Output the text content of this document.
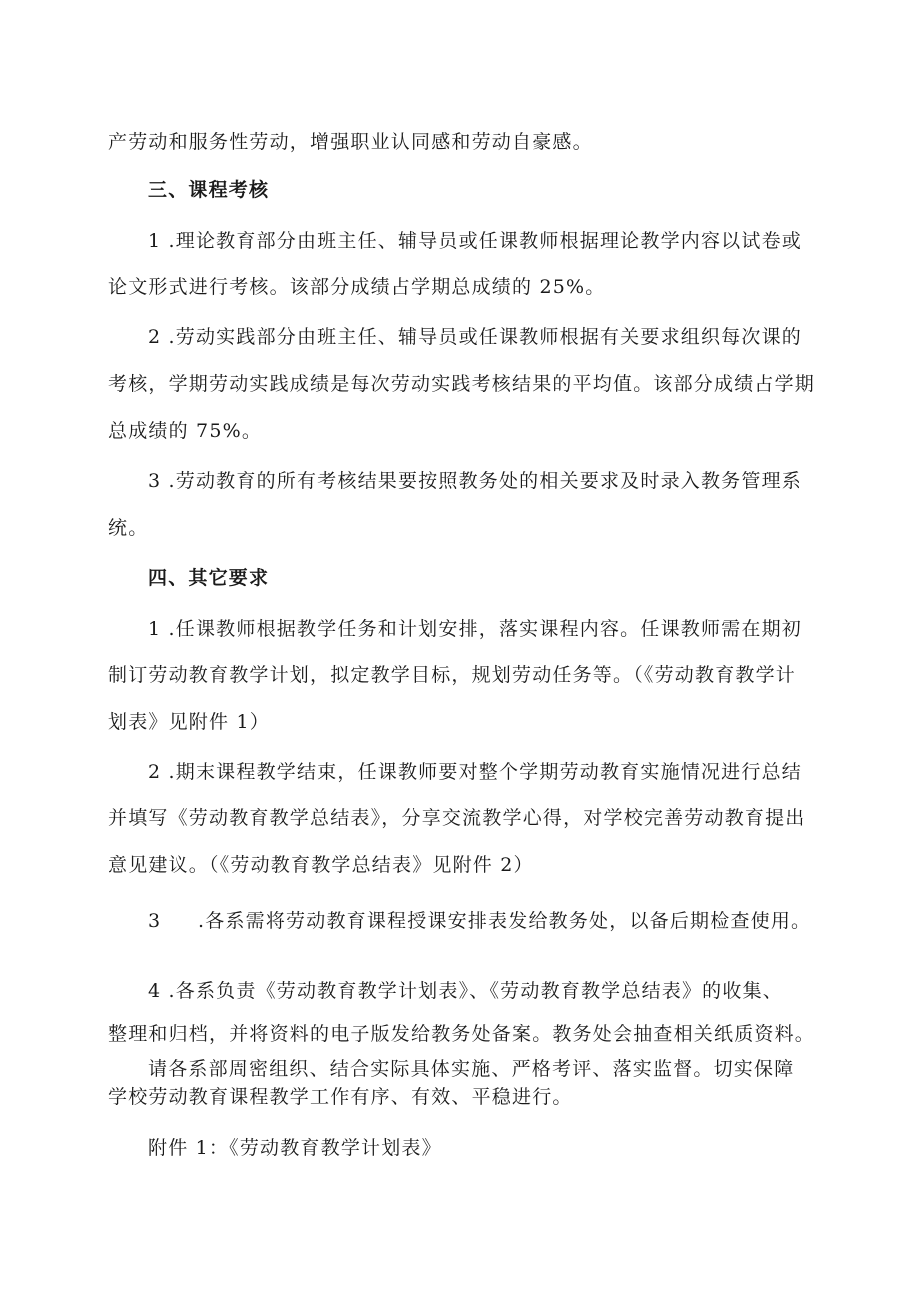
产劳动和服务性劳动，增强职业认同感和劳动自豪感。
三、课程考核
1 .理论教育部分由班主任、辅导员或任课教师根据理论教学内容以试卷或
论文形式进行考核。该部分成绩占学期总成绩的 25%。
2 .劳动实践部分由班主任、辅导员或任课教师根据有关要求组织每次课的
考核，学期劳动实践成绩是每次劳动实践考核结果的平均值。该部分成绩占学期
总成绩的 75%。
3 .劳动教育的所有考核结果要按照教务处的相关要求及时录入教务管理系
统。
四、其它要求
1 .任课教师根据教学任务和计划安排，落实课程内容。任课教师需在期初
制订劳动教育教学计划，拟定教学目标，规划劳动任务等。（《劳动教育教学计
划表》见附件 1）
2 .期末课程教学结束，任课教师要对整个学期劳动教育实施情况进行总结
并填写《劳动教育教学总结表》，分享交流教学心得，对学校完善劳动教育提出
意见建议。（《劳动教育教学总结表》见附件 2）
3 .各系需将劳动教育课程授课安排表发给教务处，以备后期检查使用。
4 .各系负责《劳动教育教学计划表》、《劳动教育教学总结表》的收集、
整理和归档，并将资料的电子版发给教务处备案。教务处会抽查相关纸质资料。
请各系部周密组织、结合实际具体实施、严格考评、落实监督。切实保障
学校劳动教育课程教学工作有序、有效、平稳进行。
附件 1：《劳动教育教学计划表》
